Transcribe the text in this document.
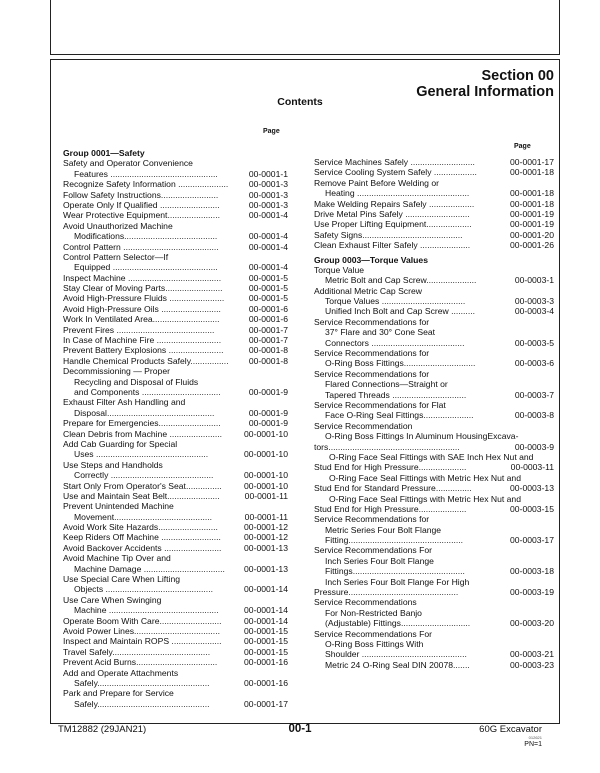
Section 00
General Information
Contents
Page
Page
Group 0001—Safety
Safety and Operator Convenience
Features .............................................	00-0001-1
Recognize Safety Information ..................... 00-0001-3
Follow Safety Instructions........................	00-0001-3
Operate Only If Qualified .........................	00-0001-3
Wear Protective Equipment......................	00-0001-4
Avoid Unauthorized Machine
Modifications.......................................	00-0001-4
Control Pattern ........................................	00-0001-4
Control Pattern Selector—If
Equipped ............................................	00-0001-4
Inspect Machine .......................................	00-0001-5
Stay Clear of Moving Parts........................	00-0001-5
Avoid High-Pressure Fluids .......................	00-0001-5
Avoid High-Pressure Oils .........................	00-0001-6
Work In Ventilated Area............................	00-0001-6
Prevent Fires .........................................	00-0001-7
In Case of Machine Fire ...........................	00-0001-7
Prevent Battery Explosions .......................	00-0001-8
Handle Chemical Products Safely................ 00-0001-8
Decommissioning — Proper
Recycling and Disposal of Fluids
and Components .................................	00-0001-9
Exhaust Filter Ash Handling and
Disposal.............................................	00-0001-9
Prepare for Emergencies..........................	00-0001-9
Clean Debris from Machine ......................	00-0001-10
Add Cab Guarding for Special
Uses ...............................................	00-0001-10
Use Steps and Handholds
Correctly ...........................................	00-0001-10
Start Only From Operator's Seat...............	00-0001-10
Use and Maintain Seat Belt......................	00-0001-11
Prevent Unintended Machine
Movement.........................................	00-0001-11
Avoid Work Site Hazards.........................	00-0001-12
Keep Riders Off Machine .........................	00-0001-12
Avoid Backover Accidents ........................	00-0001-13
Avoid Machine Tip Over and
Machine Damage .................................. 00-0001-13
Use Special Care When Lifting
Objects .............................................	00-0001-14
Use Care When Swinging
Machine ..............................................	00-0001-14
Operate Boom With Care..........................	00-0001-14
Avoid Power Lines....................................	00-0001-15
Inspect and Maintain ROPS .....................	00-0001-15
Travel Safely.........................................	00-0001-15
Prevent Acid Burns..................................	00-0001-16
Add and Operate Attachments
Safely...............................................	00-0001-16
Park and Prepare for Service
Safely...............................................	00-0001-17
Service Machines Safely ...........................	00-0001-17
Service Cooling System Safely ..................	00-0001-18
Remove Paint Before Welding or
Heating ...............................................	00-0001-18
Make Welding Repairs Safely ...................	00-0001-18
Drive Metal Pins Safely ...........................	00-0001-19
Use Proper Lifting Equipment...................	00-0001-19
Safety Signs..........................................	00-0001-20
Clean Exhaust Filter Safely .....................	00-0001-26
Group 0003—Torque Values
Torque Value
Metric Bolt and Cap Screw.....................	00-0003-1
Additional Metric Cap Screw
Torque Values ...................................	00-0003-3
Unified Inch Bolt and Cap Screw ..........	00-0003-4
Service Recommendations for
37° Flare and 30° Cone Seat
Connectors .......................................	00-0003-5
Service Recommendations for
O-Ring Boss Fittings..............................	00-0003-6
Service Recommendations for
Flared Connections—Straight or
Tapered Threads ...............................	00-0003-7
Service Recommendations for Flat
Face O-Ring Seal Fittings.....................	00-0003-8
Service Recommendation
O-Ring Boss Fittings In Aluminum HousingExcava-
tors.......................................................	00-0003-9
O-Ring Face Seal Fittings with SAE Inch Hex Nut and
Stud End for High Pressure....................	00-0003-11
O-Ring Face Seal Fittings with Metric Hex Nut and
Stud End for Standard Pressure...............	00-0003-13
O-Ring Face Seal Fittings with Metric Hex Nut and
Stud End for High Pressure....................	00-0003-15
Service Recommendations for
Metric Series Four Bolt Flange
Fitting................................................	00-0003-17
Service Recommendations For
Inch Series Four Bolt Flange
Fittings...............................................	00-0003-18
Inch Series Four Bolt Flange For High
Pressure..............................................	00-0003-19
Service Recommendations
For Non-Restricted Banjo
(Adjustable) Fittings.............................	00-0003-20
Service Recommendations For
O-Ring Boss Fittings With
Shoulder ............................................	00-0003-21
Metric 24 O-Ring Seal DIN 20078.......	00-0003-23
TM12882 (29JAN21)	00-1	60G Excavator
012621
PN=1
